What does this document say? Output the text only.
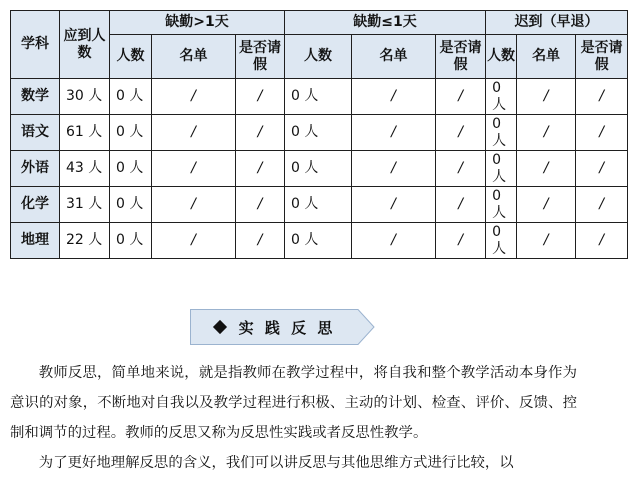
学科	应到人数	缺勤>1天			缺勤≤1天			迟到（早退）		
		人数	名单	是否请假	人数	名单	是否请假	人数	名单	是否请假
数学	30 人	0 人	/	/	0 人	/	/	0 人	/	/
语文	61 人	0 人	/	/	0 人	/	/	0 人	/	/
外语	43 人	0 人	/	/	0 人	/	/	0 人	/	/
化学	31 人	0 人	/	/	0 人	/	/	0 人	/	/
地理	22 人	0 人	/	/	0 人	/	/	0 人	/	/
实 践 反 思

教师反思，简单地来说，就是指教师在教学过程中，将自我和整个教学活动本身作为意识的对象，不断地对自我以及教学过程进行积极、主动的计划、检查、评价、反馈、控制和调节的过程。教师的反思又称为反思性实践或者反思性教学。

为了更好地理解反思的含义，我们可以讲反思与其他思维方式进行比较，以
